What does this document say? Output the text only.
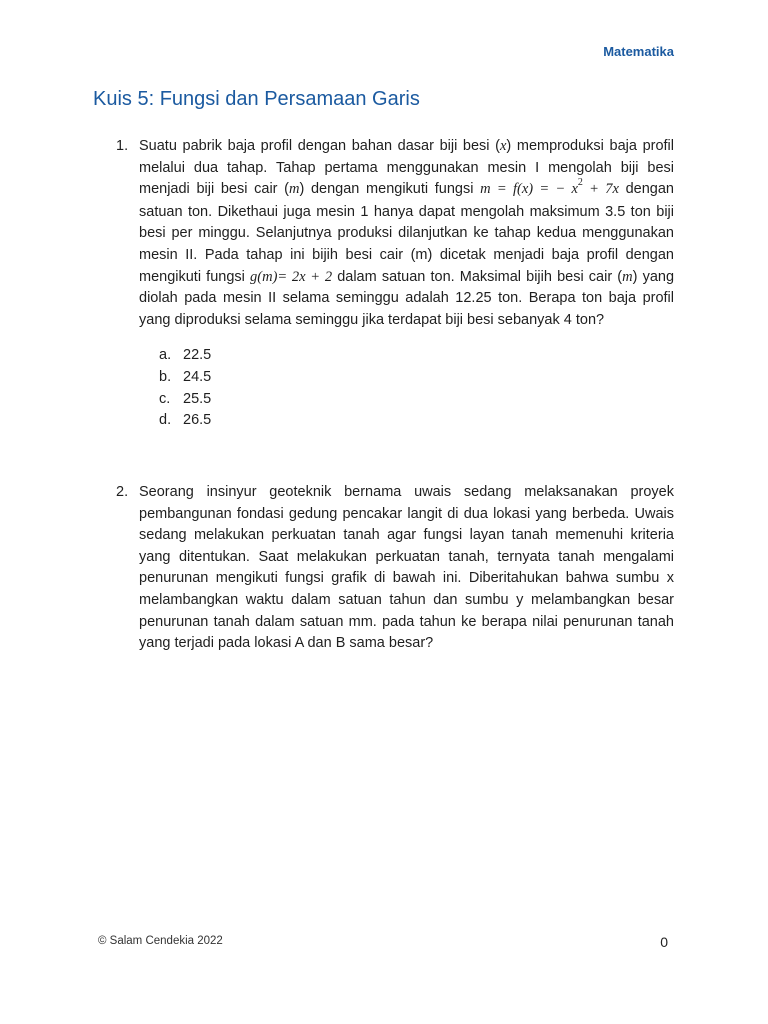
Matematika
Kuis 5: Fungsi dan Persamaan Garis
1. Suatu pabrik baja profil dengan bahan dasar biji besi (x) memproduksi baja profil melalui dua tahap. Tahap pertama menggunakan mesin I mengolah biji besi menjadi biji besi cair (m) dengan mengikuti fungsi m = f(x) = − $x^2 + 7x$ dengan satuan ton. Dikethaui juga mesin 1 hanya dapat mengolah maksimum 3.5 ton biji besi per minggu. Selanjutnya produksi dilanjutkan ke tahap kedua menggunakan mesin II. Pada tahap ini bijih besi cair (m) dicetak menjadi baja profil dengan mengikuti fungsi g(m)= 2x + 2 dalam satuan ton. Maksimal bijih besi cair (m) yang diolah pada mesin II selama seminggu adalah 12.25 ton. Berapa ton baja profil yang diproduksi selama seminggu jika terdapat biji besi sebanyak 4 ton?
a. 22.5
b. 24.5
c. 25.5
d. 26.5
2. Seorang insinyur geoteknik bernama uwais sedang melaksanakan proyek pembangunan fondasi gedung pencakar langit di dua lokasi yang berbeda. Uwais sedang melakukan perkuatan tanah agar fungsi layan tanah memenuhi kriteria yang ditentukan. Saat melakukan perkuatan tanah, ternyata tanah mengalami penurunan mengikuti fungsi grafik di bawah ini. Diberitahukan bahwa sumbu x melambangkan waktu dalam satuan tahun dan sumbu y melambangkan besar penurunan tanah dalam satuan mm. pada tahun ke berapa nilai penurunan tanah yang terjadi pada lokasi A dan B sama besar?
© Salam Cendekia 2022	0
